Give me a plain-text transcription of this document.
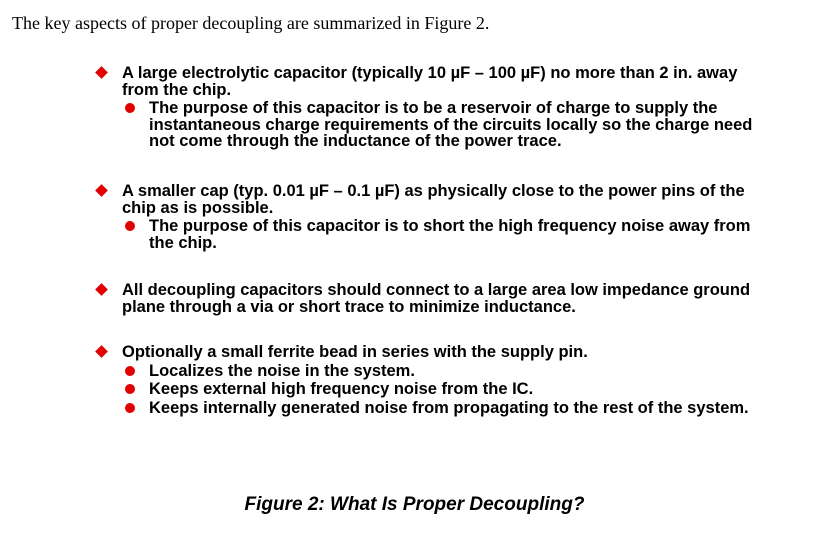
The key aspects of proper decoupling are summarized in Figure 2.
A large electrolytic capacitor (typically 10 µF – 100 µF) no more than 2 in. away from the chip.
The purpose of this capacitor is to be a reservoir of charge to supply the instantaneous charge requirements of the circuits locally so the charge need not come through the inductance of the power trace.
A smaller cap (typ. 0.01 µF – 0.1 µF) as physically close to the power pins of the chip as is possible.
The purpose of this capacitor is to short the high frequency noise away from the chip.
All decoupling capacitors should connect to a large area low impedance ground plane through a via or short trace to minimize inductance.
Optionally a small ferrite bead in series with the supply pin.
Localizes the noise in the system.
Keeps external high frequency noise from the IC.
Keeps internally generated noise from propagating to the rest of the system.
Figure 2: What Is Proper Decoupling?
